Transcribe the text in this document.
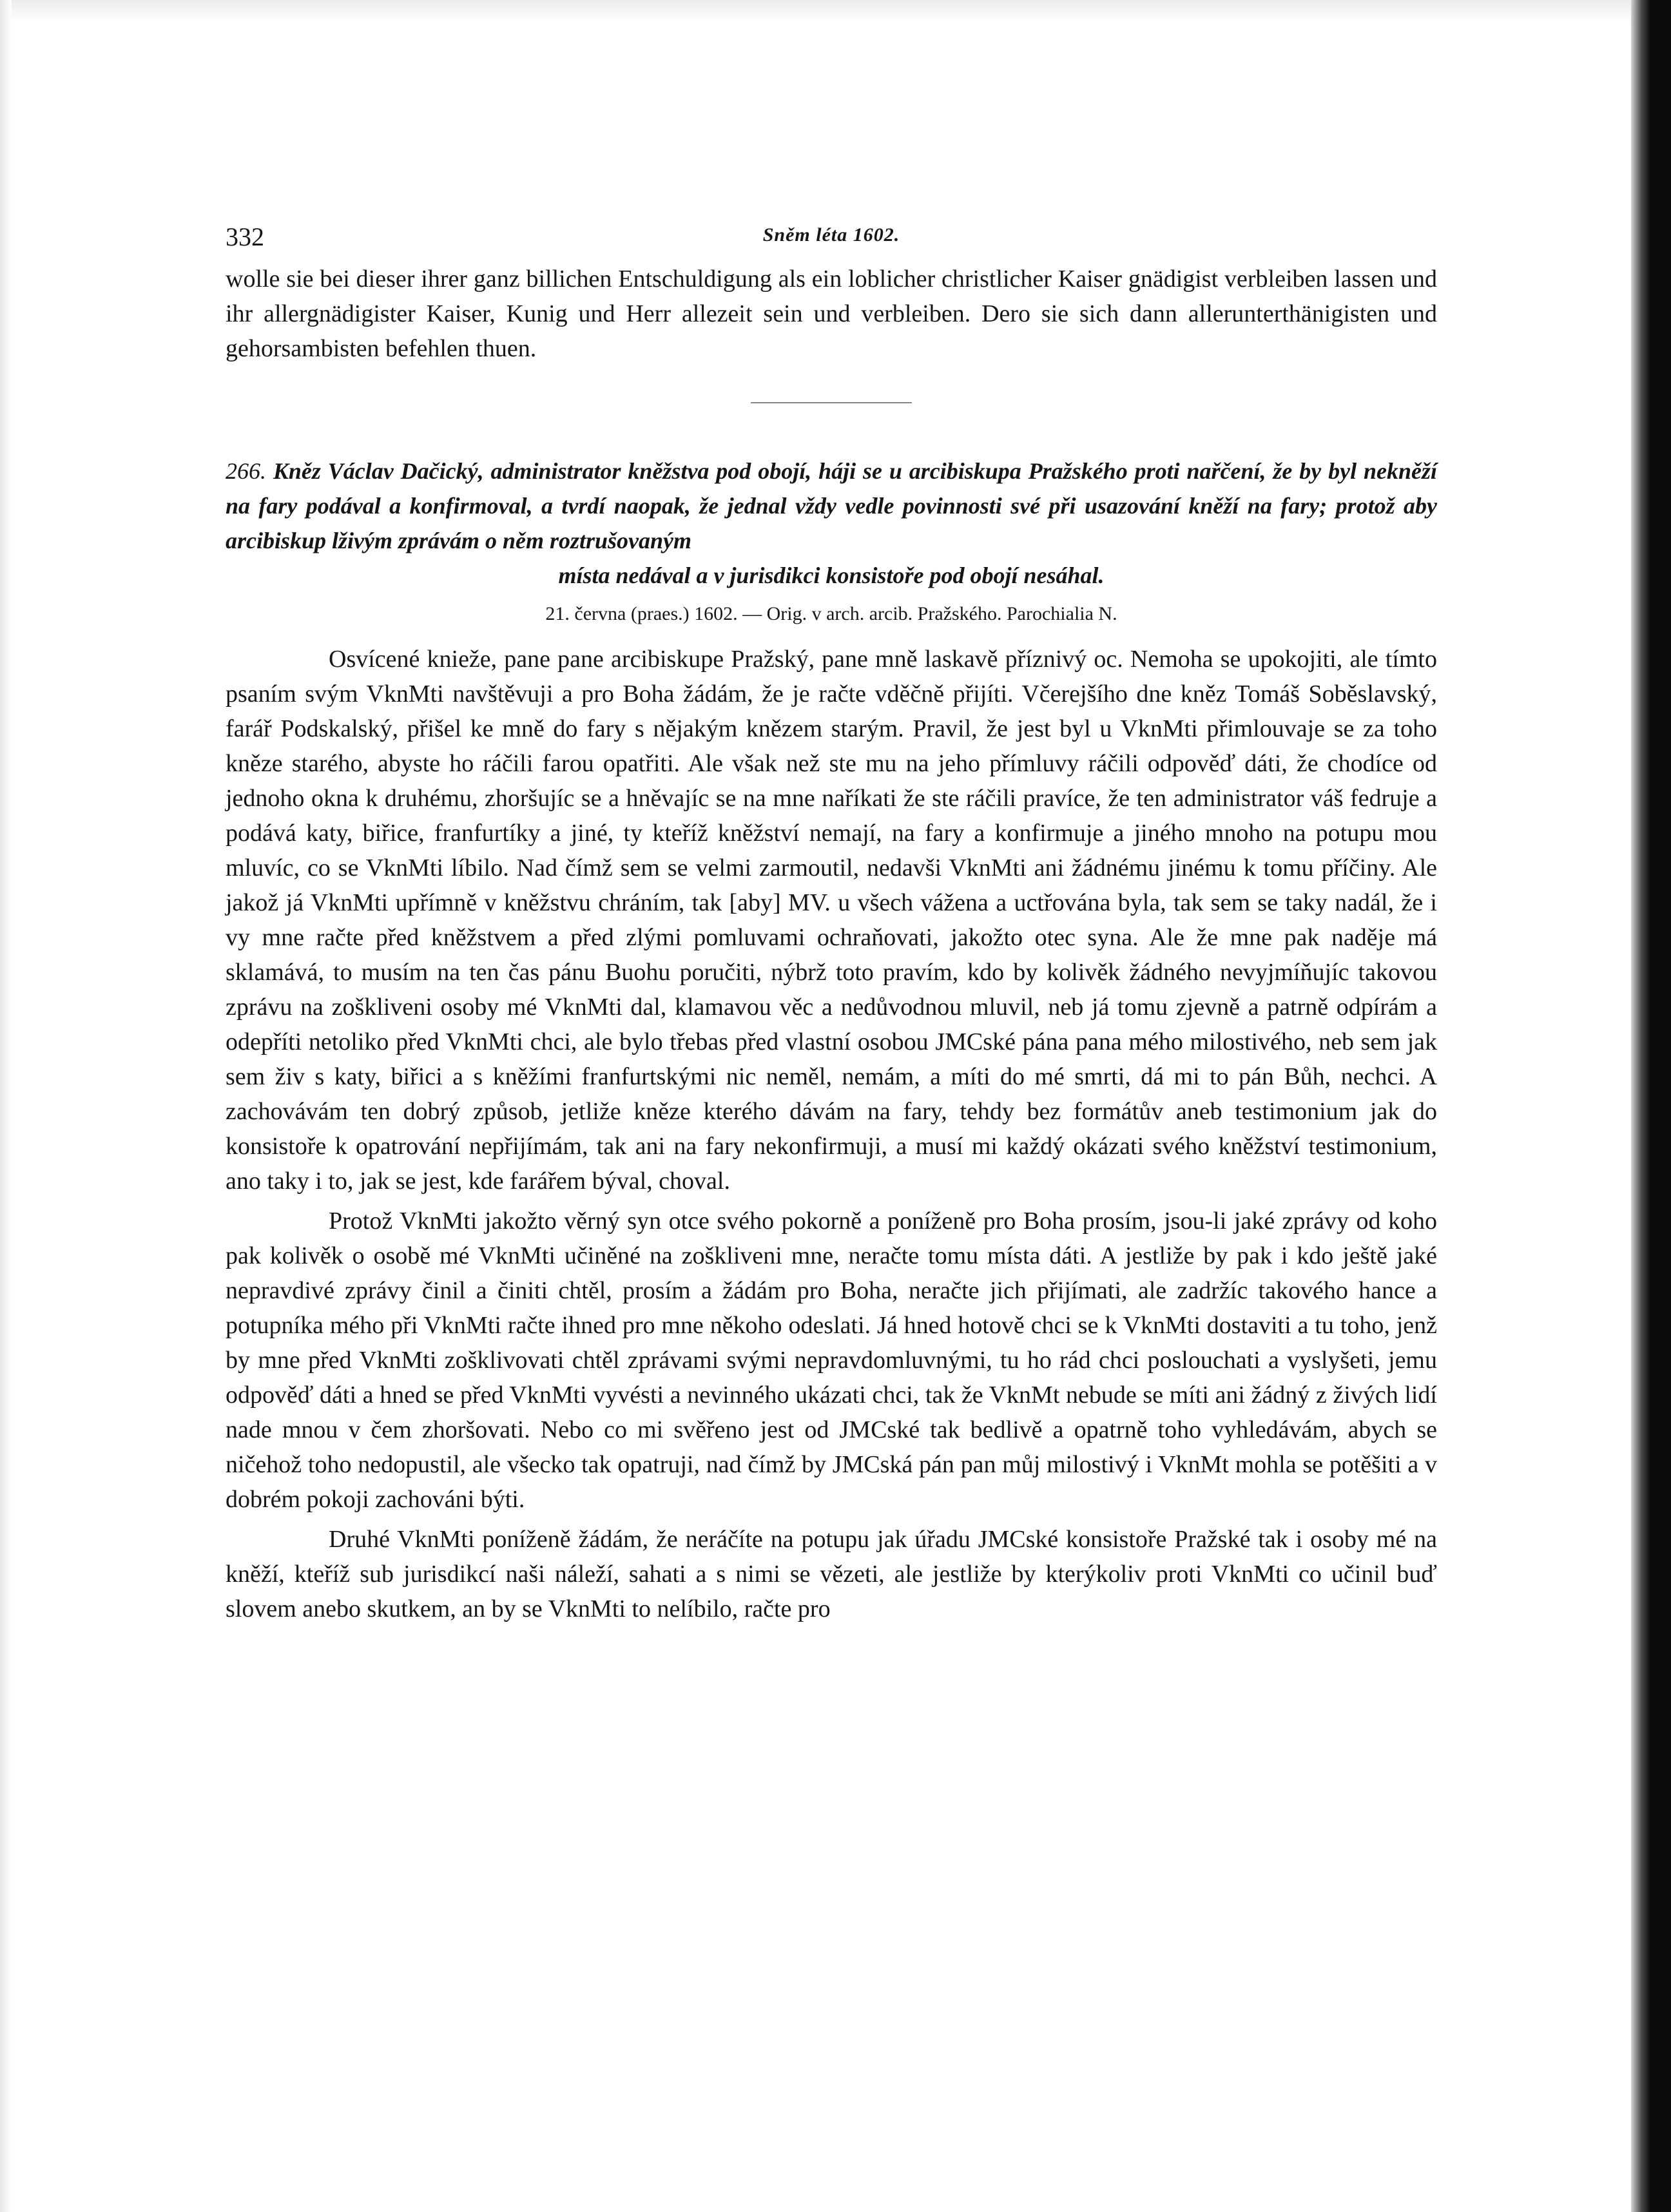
332	Sněm léta 1602.

wolle sie bei dieser ihrer ganz billichen Entschuldigung als ein loblicher christlicher Kaiser gnädigist verbleiben lassen und ihr allergnädigister Kaiser, Kunig und Herr allezeit sein und verbleiben. Dero sie sich dann allerunterthänigisten und gehorsambisten befehlen thuen.

266. Kněz Václav Dačický, administrator kněžstva pod obojí, háji se u arcibiskupa Pražského proti nařčení, že by byl nekněží na fary podával a konfirmoval, a tvrdí naopak, že jednal vždy vedle povinnosti své při usazování kněží na fary; protož aby arcibiskup lživým zprávám o něm roztrušovaným

místa nedával a v jurisdikci konsistoře pod obojí nesáhal.

21. června (praes.) 1602. — Orig. v arch. arcib. Pražského. Parochialia N.

Osvícené knieže, pane pane arcibiskupe Pražský, pane mně laskavě příznivý oc. Nemoha se upokojiti, ale tímto psaním svým VknMti navštěvuji a pro Boha žádám, že je račte vděčně přijíti. Včerejšího dne kněz Tomáš Soběslavský, farář Podskalský, přišel ke mně do fary s nějakým knězem starým. Pravil, že jest byl u VknMti přimlouvaje se za toho kněze starého, abyste ho ráčili farou opatřiti. Ale však než ste mu na jeho přímluvy ráčili odpověď dáti, že chodíce od jednoho okna k druhému, zhoršujíc se a hněvajíc se na mne naříkati že ste ráčili pravíce, že ten administrator váš fedruje a podává katy, biřice, franfurtíky a jiné, ty kteříž kněžství nemají, na fary a konfirmuje a jiného mnoho na potupu mou mluvíc, co se VknMti líbilo. Nad čímž sem se velmi zarmoutil, nedavši VknMti ani žádnému jinému k tomu příčiny. Ale jakož já VknMti upřímně v kněžstvu chráním, tak [aby] MV. u všech vážena a uctřována byla, tak sem se taky nadál, že i vy mne račte před kněžstvem a před zlými pomluvami ochraňovati, jakožto otec syna. Ale že mne pak naděje má sklamává, to musím na ten čas pánu Buohu poručiti, nýbrž toto pravím, kdo by kolivěk žádného nevyjmíňujíc takovou zprávu na zoškliveni osoby mé VknMti dal, klamavou věc a nedůvodnou mluvil, neb já tomu zjevně a patrně odpírám a odepříti netoliko před VknMti chci, ale bylo třebas před vlastní osobou JMCské pána pana mého milostivého, neb sem jak sem živ s katy, biřici a s kněžími franfurtskými nic neměl, nemám, a míti do mé smrti, dá mi to pán Bůh, nechci. A zachovávám ten dobrý způsob, jetliže kněze kterého dávám na fary, tehdy bez formátův aneb testimonium jak do konsistoře k opatrování nepřijímám, tak ani na fary nekonfirmuji, a musí mi každý okázati svého kněžství testimonium, ano taky i to, jak se jest, kde farářem býval, choval.

Protož VknMti jakožto věrný syn otce svého pokorně a poníženě pro Boha prosím, jsou-li jaké zprávy od koho pak kolivěk o osobě mé VknMti učiněné na zoškliveni mne, neračte tomu místa dáti. A jestliže by pak i kdo ještě jaké nepravdivé zprávy činil a činiti chtěl, prosím a žádám pro Boha, neračte jich přijímati, ale zadržíc takového hance a potupníka mého při VknMti račte ihned pro mne někoho odeslati. Já hned hotově chci se k VknMti dostaviti a tu toho, jenž by mne před VknMti zošklivovati chtěl zprávami svými nepravdomluvnými, tu ho rád chci poslouchati a vyslyšeti, jemu odpověď dáti a hned se před VknMti vyvésti a nevinného ukázati chci, tak že VknMt nebude se míti ani žádný z živých lidí nade mnou v čem zhoršovati. Nebo co mi svěřeno jest od JMCské tak bedlivě a opatrně toho vyhledávám, abych se ničehož toho nedopustil, ale všecko tak opatruji, nad čímž by JMCská pán pan můj milostivý i VknMt mohla se potěšiti a v dobrém pokoji zachováni býti.

Druhé VknMti poníženě žádám, že neráčíte na potupu jak úřadu JMCské konsistoře Pražské tak i osoby mé na kněží, kteříž sub jurisdikcí naši náleží, sahati a s nimi se vězeti, ale jestliže by kterýkoliv proti VknMti co učinil buď slovem anebo skutkem, an by se VknMti to nelíbilo, račte pro
